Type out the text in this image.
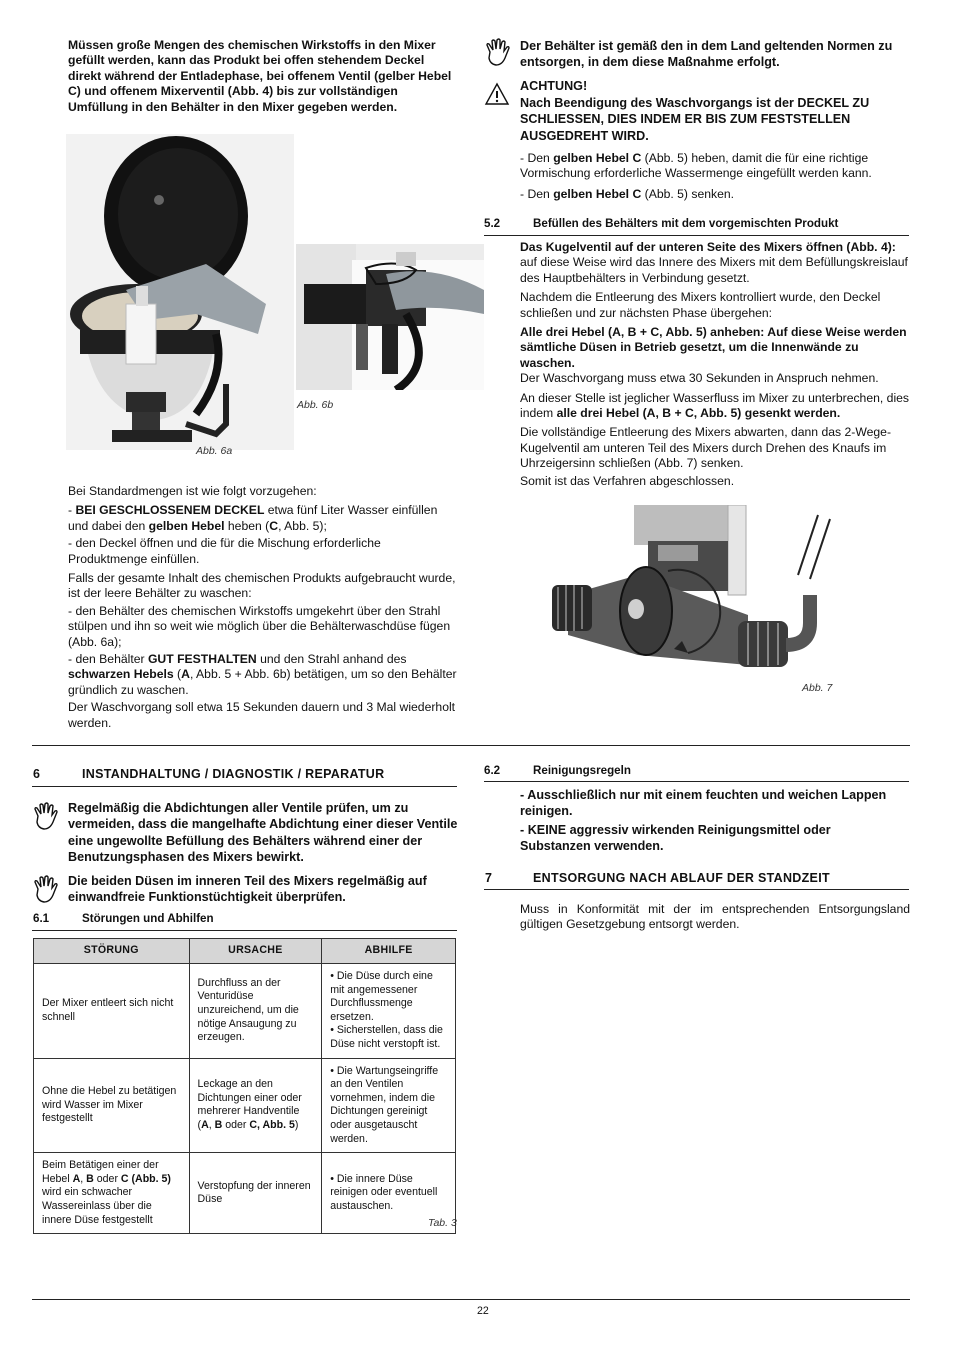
Müssen große Mengen des chemischen Wirkstoffs in den Mixer gefüllt werden, kann das Produkt bei offen stehendem Deckel direkt während der Entladephase, bei offenem Ventil (gelber Hebel C) und offenem Mixerventil (Abb. 4) bis zur vollständigen Umfüllung in den Behälter in den Mixer gegeben werden.

Abb. 6a
Abb. 6b

Bei Standardmengen ist wie folgt vorzugehen:

- BEI GESCHLOSSENEM DECKEL etwa fünf Liter Wasser einfüllen und dabei den gelben Hebel heben (C, Abb. 5);

- den Deckel öffnen und die für die Mischung erforderliche Produktmenge einfüllen.

Falls der gesamte Inhalt des chemischen Produkts aufgebraucht wurde, ist der leere Behälter zu waschen:

- den Behälter des chemischen Wirkstoffs umgekehrt über den Strahl stülpen und ihn so weit wie möglich über die Behälterwaschdüse fügen (Abb. 6a);

- den Behälter GUT FESTHALTEN und den Strahl anhand des schwarzen Hebels (A, Abb. 5 + Abb. 6b) betätigen, um so den Behälter gründlich zu waschen.

Der Waschvorgang soll etwa 15 Sekunden dauern und 3 Mal wiederholt werden.

Der Behälter ist gemäß den in dem Land geltenden Normen zu entsorgen, in dem diese Maßnahme erfolgt.

ACHTUNG!

Nach Beendigung des Waschvorgangs ist der DECKEL ZU SCHLIESSEN, DIES INDEM ER BIS ZUM FESTSTELLEN AUSGEDREHT WIRD.

- Den gelben Hebel C (Abb. 5) heben, damit die für eine richtige Vormischung erforderliche Wassermenge eingefüllt werden kann.

- Den gelben Hebel C (Abb. 5) senken.

5.2	Befüllen des Behälters mit dem vorgemischten Produkt

Das Kugelventil auf der unteren Seite des Mixers öffnen (Abb. 4): auf diese Weise wird das Innere des Mixers mit dem Befüllungskreislauf des Hauptbehälters in Verbindung gesetzt.

Nachdem die Entleerung des Mixers kontrolliert wurde, den Deckel schließen und zur nächsten Phase übergehen:

Alle drei Hebel (A, B + C, Abb. 5) anheben: Auf diese Weise werden sämtliche Düsen in Betrieb gesetzt, um die Innenwände zu waschen.

Der Waschvorgang muss etwa 30 Sekunden in Anspruch nehmen.

An dieser Stelle ist jeglicher Wasserfluss im Mixer zu unterbrechen, dies indem alle drei Hebel (A, B + C, Abb. 5) gesenkt werden.

Die vollständige Entleerung des Mixers abwarten, dann das 2-Wege-Kugelventil am unteren Teil des Mixers durch Drehen des Knaufs im Uhrzeigersinn schließen (Abb. 7) senken.

Somit ist das Verfahren abgeschlossen.

Abb. 7
6	INSTANDHALTUNG / DIAGNOSTIK / REPARATUR

Regelmäßig die Abdichtungen aller Ventile prüfen, um zu vermeiden, dass die mangelhafte Abdichtung einer dieser Ventile eine ungewollte Befüllung des Behälters während einer der Benutzungsphasen des Mixers bewirkt.

Die beiden Düsen im inneren Teil des Mixers regelmäßig auf einwandfreie Funktionstüchtigkeit überprüfen.

6.1	Störungen und Abhilfen
STÖRUNG	URSACHE	ABHILFE
Der Mixer entleert sich nicht schnell	Durchfluss an der Venturidüse unzureichend, um die nötige Ansaugung zu erzeugen.	• Die Düse durch eine mit angemessener Durchflussmenge ersetzen.
• Sicherstellen, dass die Düse nicht verstopft ist.

Ohne die Hebel zu betätigen wird Wasser im Mixer festgestellt	Leckage an den Dichtungen einer oder mehrerer Handventile (A, B oder C, Abb. 5)	• Die Wartungseingriffe an den Ventilen vornehmen, indem die Dichtungen gereinigt oder ausgetauscht werden.
Beim Betätigen einer der Hebel A, B oder C (Abb. 5) wird ein schwacher Wassereinlass über die innere Düse festgestellt	Verstopfung der inneren Düse	• Die innere Düse reinigen oder eventuell austauschen.
Tab. 3
6.2	Reinigungsregeln

- Ausschließlich nur mit einem feuchten und weichen Lappen reinigen.

- KEINE aggressiv wirkenden Reinigungsmittel oder Substanzen verwenden.

7	ENTSORGUNG NACH ABLAUF DER STANDZEIT

Muss in Konformität mit der im entsprechenden Entsorgungsland gültigen Gesetzgebung entsorgt werden.

22
